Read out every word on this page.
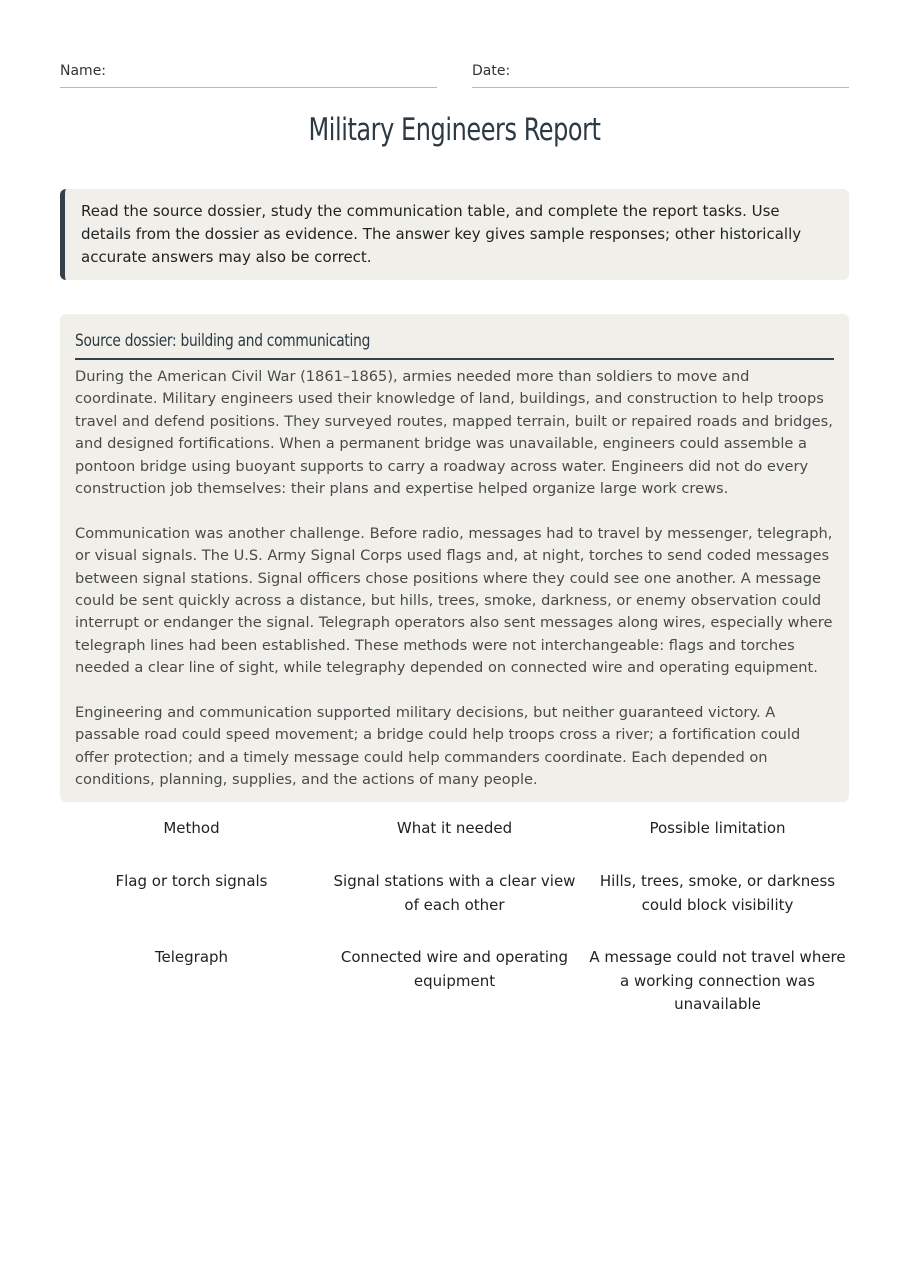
Name:	Date:
Military Engineers Report
Read the source dossier, study the communication table, and complete the report tasks. Use details from the dossier as evidence. The answer key gives sample responses; other historically accurate answers may also be correct.
Source dossier: building and communicating

During the American Civil War (1861–1865), armies needed more than soldiers to move and coordinate. Military engineers used their knowledge of land, buildings, and construction to help troops travel and defend positions. They surveyed routes, mapped terrain, built or repaired roads and bridges, and designed fortifications. When a permanent bridge was unavailable, engineers could assemble a pontoon bridge using buoyant supports to carry a roadway across water. Engineers did not do every construction job themselves: their plans and expertise helped organize large work crews.

Communication was another challenge. Before radio, messages had to travel by messenger, telegraph, or visual signals. The U.S. Army Signal Corps used flags and, at night, torches to send coded messages between signal stations. Signal officers chose positions where they could see one another. A message could be sent quickly across a distance, but hills, trees, smoke, darkness, or enemy observation could interrupt or endanger the signal. Telegraph operators also sent messages along wires, especially where telegraph lines had been established. These methods were not interchangeable: flags and torches needed a clear line of sight, while telegraphy depended on connected wire and operating equipment.

Engineering and communication supported military decisions, but neither guaranteed victory. A passable road could speed movement; a bridge could help troops cross a river; a fortification could offer protection; and a timely message could help commanders coordinate. Each depended on conditions, planning, supplies, and the actions of many people.

Method	What it needed	Possible limitation
Flag or torch signals	Signal stations with a clear view of each other	Hills, trees, smoke, or darkness could block visibility
Telegraph	Connected wire and operating equipment	A message could not travel where a working connection was unavailable
